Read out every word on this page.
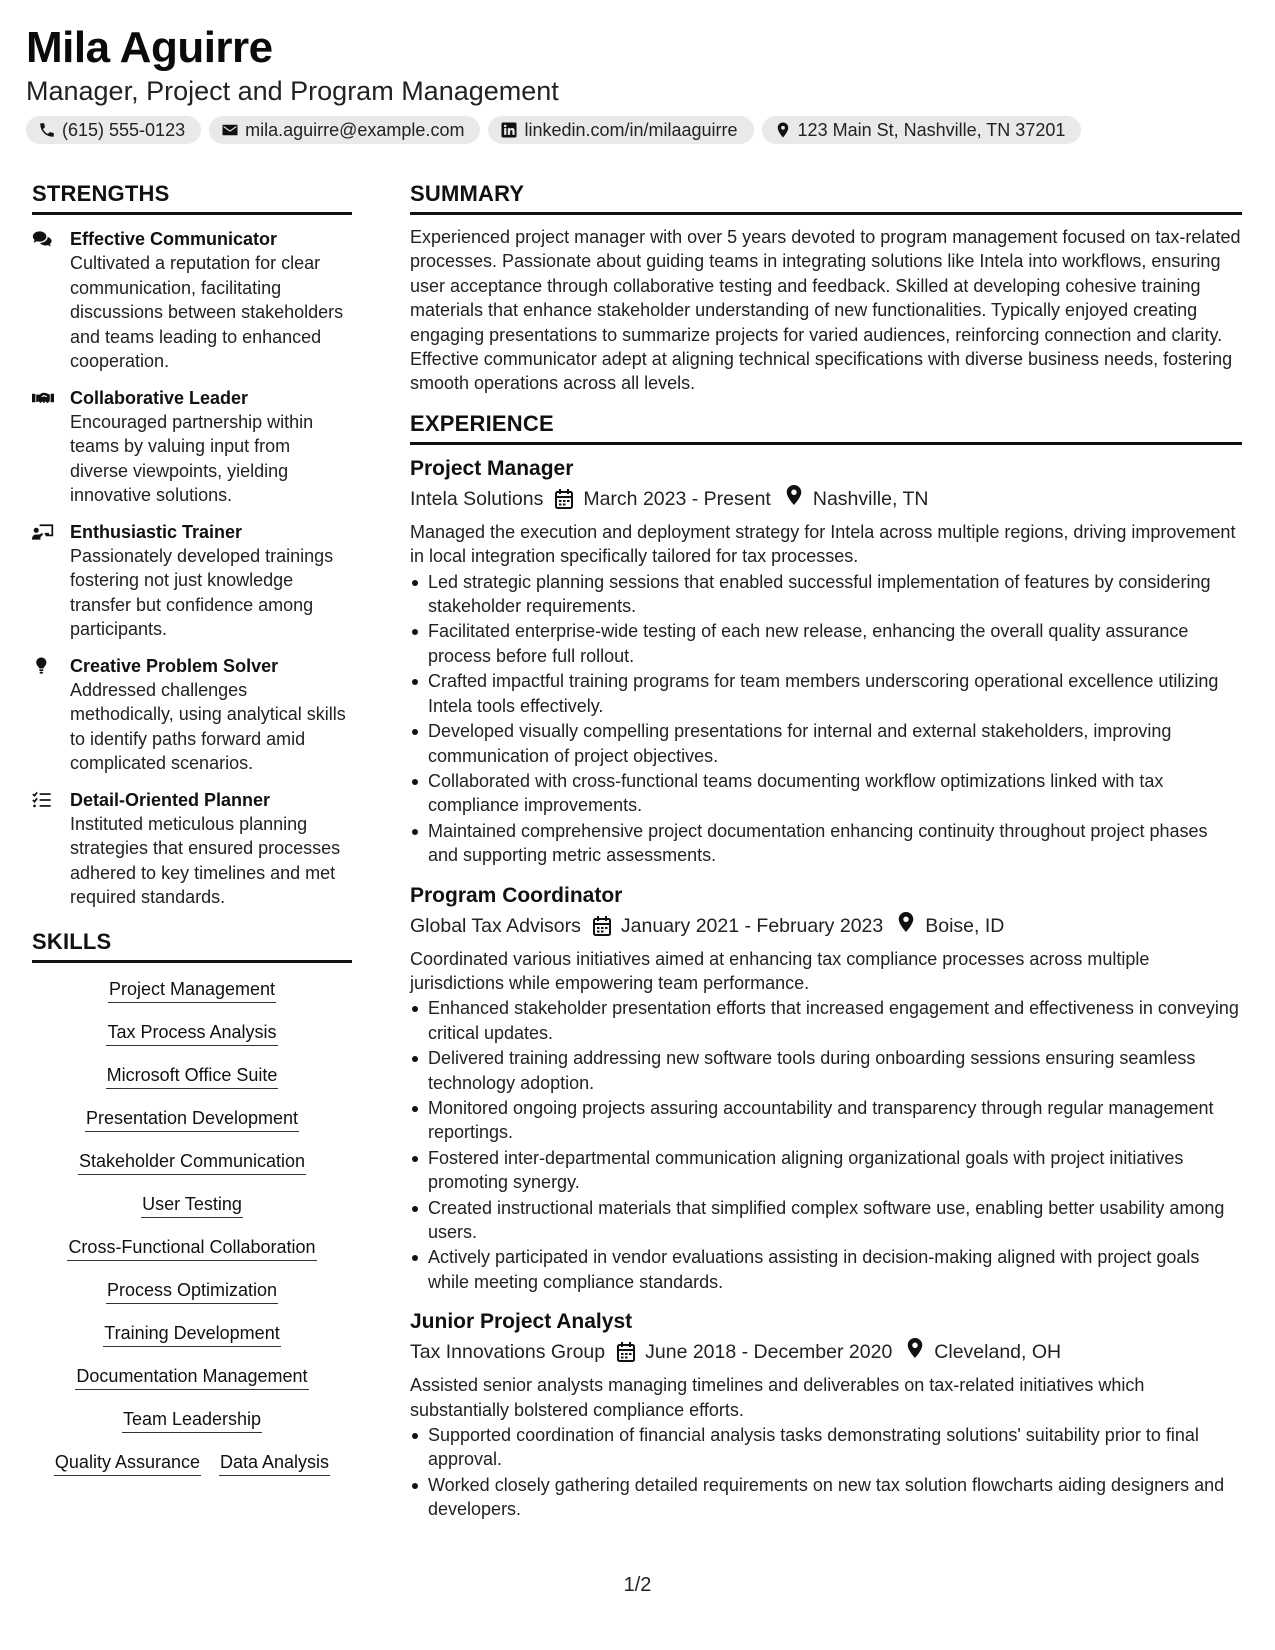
Mila Aguirre
Manager, Project and Program Management
(615) 555-0123	mila.aguirre@example.com	linkedin.com/in/milaaguirre	123 Main St, Nashville, TN 37201
STRENGTHS
Effective Communicator
Cultivated a reputation for clear communication, facilitating discussions between stakeholders and teams leading to enhanced cooperation.
Collaborative Leader
Encouraged partnership within teams by valuing input from diverse viewpoints, yielding innovative solutions.
Enthusiastic Trainer
Passionately developed trainings fostering not just knowledge transfer but confidence among participants.
Creative Problem Solver
Addressed challenges methodically, using analytical skills to identify paths forward amid complicated scenarios.
Detail-Oriented Planner
Instituted meticulous planning strategies that ensured processes adhered to key timelines and met required standards.
SKILLS
Project Management
Tax Process Analysis
Microsoft Office Suite
Presentation Development
Stakeholder Communication
User Testing
Cross-Functional Collaboration
Process Optimization
Training Development
Documentation Management
Team Leadership
Quality Assurance Data Analysis
SUMMARY
Experienced project manager with over 5 years devoted to program management focused on tax-related processes. Passionate about guiding teams in integrating solutions like Intela into workflows, ensuring user acceptance through collaborative testing and feedback. Skilled at developing cohesive training materials that enhance stakeholder understanding of new functionalities. Typically enjoyed creating engaging presentations to summarize projects for varied audiences, reinforcing connection and clarity. Effective communicator adept at aligning technical specifications with diverse business needs, fostering smooth operations across all levels.
EXPERIENCE
Project Manager
Intela Solutions March 2023 - Present Nashville, TN
Managed the execution and deployment strategy for Intela across multiple regions, driving improvement in local integration specifically tailored for tax processes.
Led strategic planning sessions that enabled successful implementation of features by considering stakeholder requirements.
Facilitated enterprise-wide testing of each new release, enhancing the overall quality assurance process before full rollout.
Crafted impactful training programs for team members underscoring operational excellence utilizing Intela tools effectively.
Developed visually compelling presentations for internal and external stakeholders, improving communication of project objectives.
Collaborated with cross-functional teams documenting workflow optimizations linked with tax compliance improvements.
Maintained comprehensive project documentation enhancing continuity throughout project phases and supporting metric assessments.
Program Coordinator
Global Tax Advisors January 2021 - February 2023 Boise, ID
Coordinated various initiatives aimed at enhancing tax compliance processes across multiple jurisdictions while empowering team performance.
Enhanced stakeholder presentation efforts that increased engagement and effectiveness in conveying critical updates.
Delivered training addressing new software tools during onboarding sessions ensuring seamless technology adoption.
Monitored ongoing projects assuring accountability and transparency through regular management reportings.
Fostered inter-departmental communication aligning organizational goals with project initiatives promoting synergy.
Created instructional materials that simplified complex software use, enabling better usability among users.
Actively participated in vendor evaluations assisting in decision-making aligned with project goals while meeting compliance standards.
Junior Project Analyst
Tax Innovations Group June 2018 - December 2020 Cleveland, OH
Assisted senior analysts managing timelines and deliverables on tax-related initiatives which substantially bolstered compliance efforts.
Supported coordination of financial analysis tasks demonstrating solutions' suitability prior to final approval.
Worked closely gathering detailed requirements on new tax solution flowcharts aiding designers and developers.
1/2
